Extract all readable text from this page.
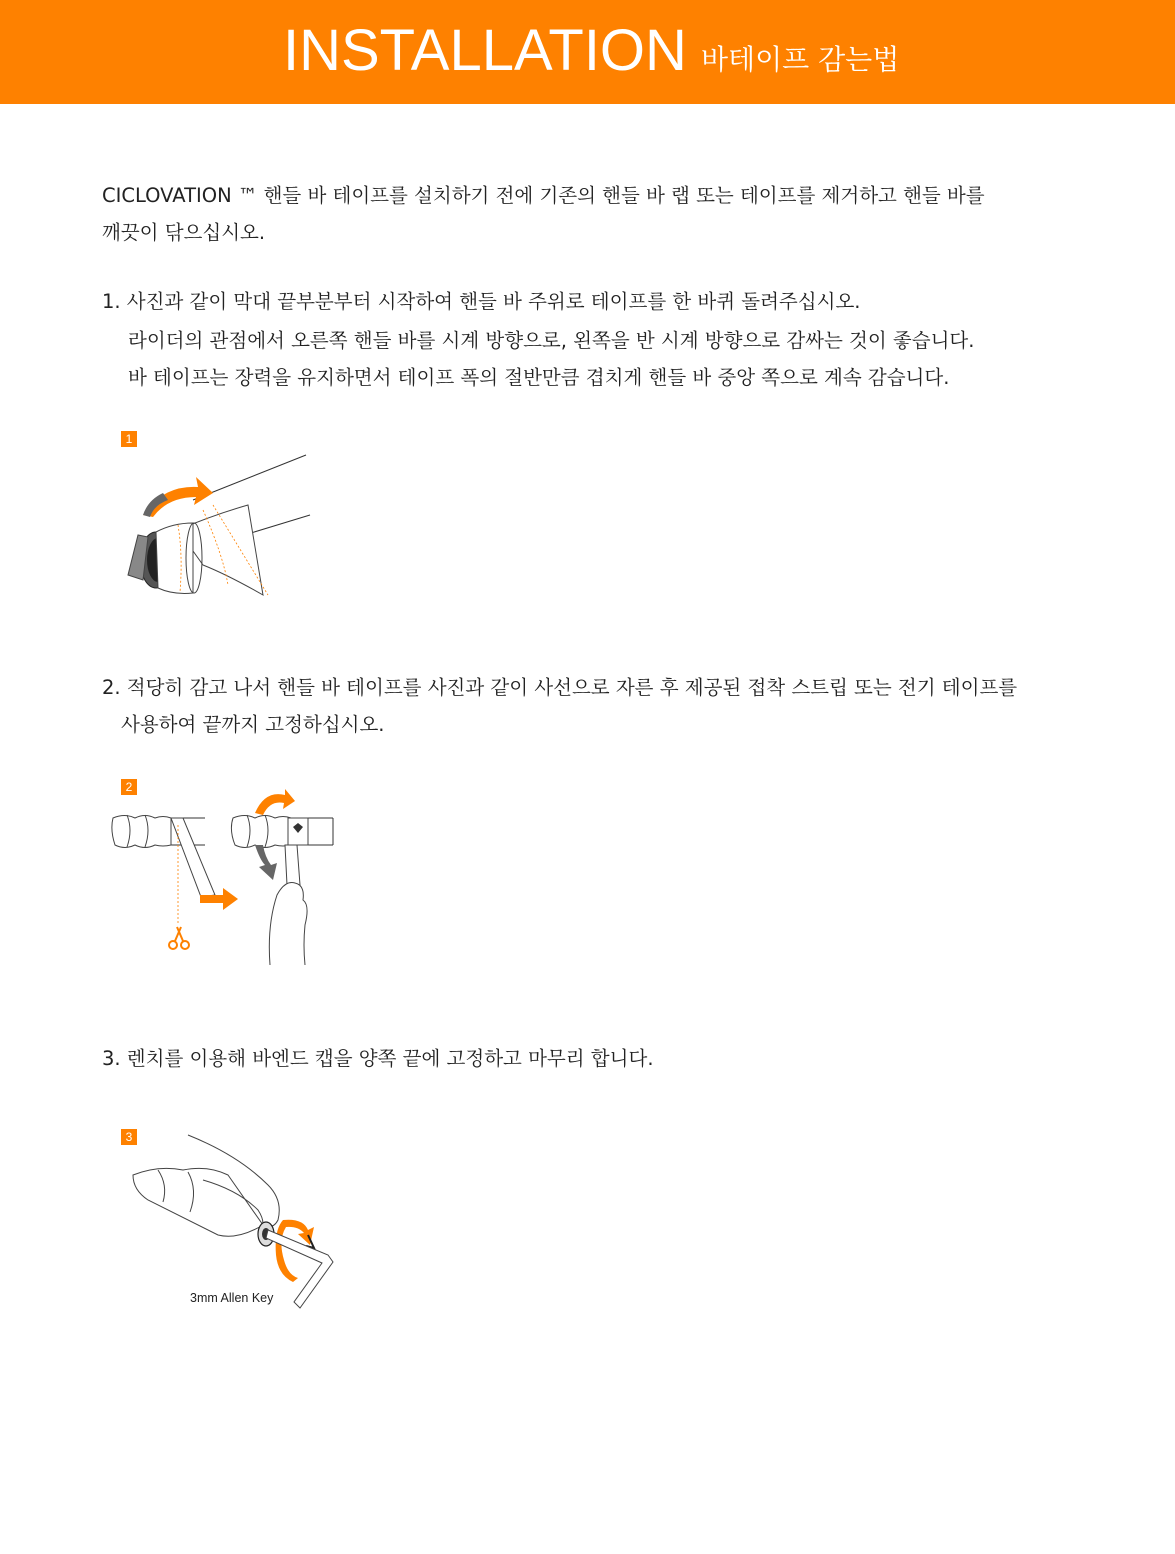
INSTALLATION 바테이프 감는법
CICLOVATION ™ 핸들 바 테이프를 설치하기 전에 기존의 핸들 바 랩 또는 테이프를 제거하고 핸들 바를
깨끗이 닦으십시오.
1. 사진과 같이 막대 끝부분부터 시작하여 핸들 바 주위로 테이프를 한 바퀴 돌려주십시오.
라이더의 관점에서 오른쪽 핸들 바를 시계 방향으로, 왼쪽을 반 시계 방향으로 감싸는 것이 좋습니다.
바 테이프는 장력을 유지하면서 테이프 폭의 절반만큼 겹치게 핸들 바 중앙 쪽으로 계속 감습니다.
1
2. 적당히 감고 나서 핸들 바 테이프를 사진과 같이 사선으로 자른 후 제공된 접착 스트립 또는 전기 테이프를
사용하여 끝까지 고정하십시오.
2
3. 렌치를 이용해 바엔드 캡을 양쪽 끝에 고정하고 마무리 합니다.
3
3mm Allen Key
